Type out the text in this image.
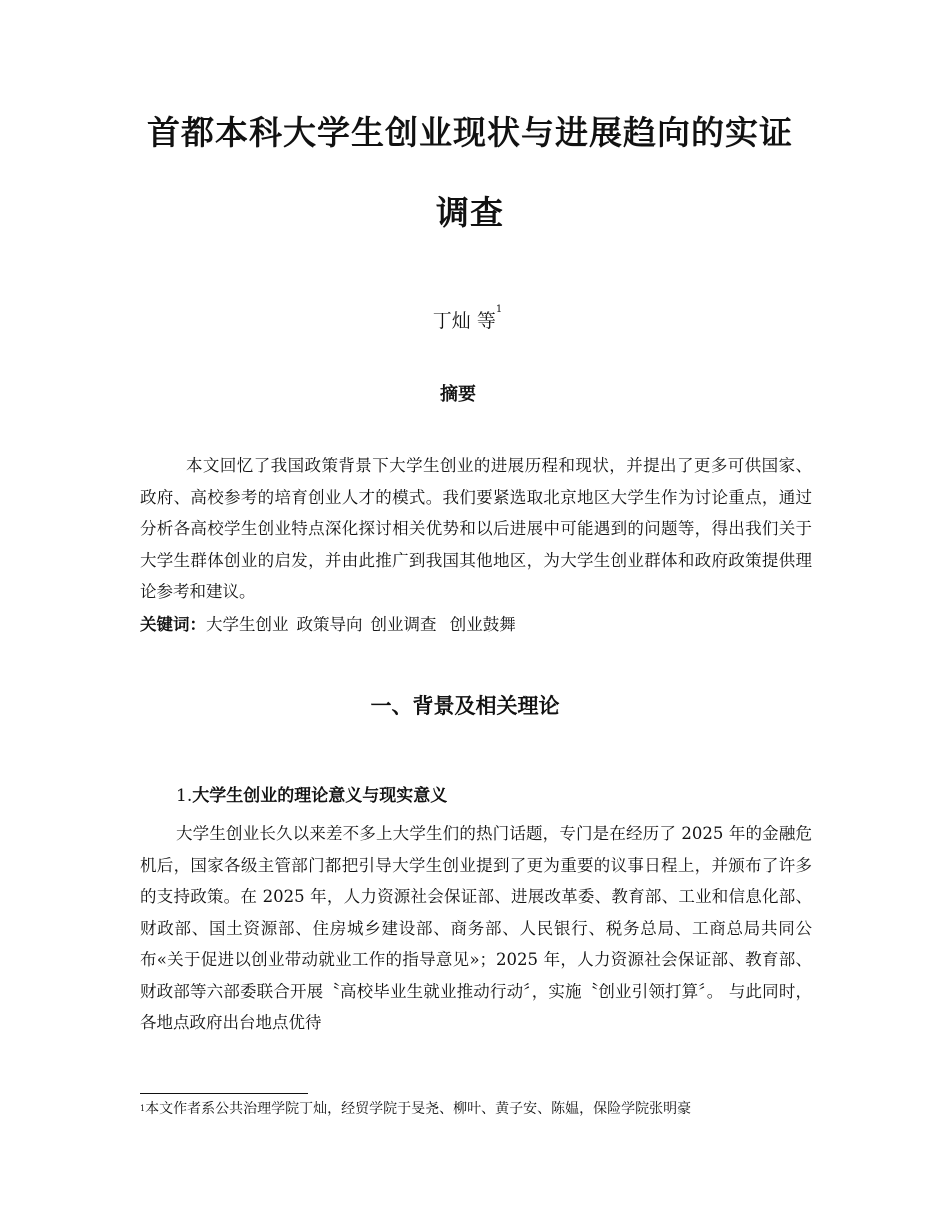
首都本科大学生创业现状与进展趋向的实证
调查
丁灿 等$^1$
摘要

本文回忆了我国政策背景下大学生创业的进展历程和现状，并提出了更多可供国家、政府、高校参考的培育创业人才的模式。我们要紧选取北京地区大学生作为讨论重点，通过分析各高校学生创业特点深化探讨相关优势和以后进展中可能遇到的问题等，得出我们关于大学生群体创业的启发，并由此推广到我国其他地区，为大学生创业群体和政府政策提供理论参考和建议。

关键词：大学生创业 政策导向 创业调查 创业鼓舞
一、背景及相关理论
1.大学生创业的理论意义与现实意义

大学生创业长久以来差不多上大学生们的热门话题，专门是在经历了 2025 年的金融危机后，国家各级主管部门都把引导大学生创业提到了更为重要的议事日程上，并颁布了许多的支持政策。在 2025 年，人力资源社会保证部、进展改革委、教育部、工业和信息化部、财政部、国土资源部、住房城乡建设部、商务部、人民银行、税务总局、工商总局共同公布«关于促进以创业带动就业工作的指导意见»；2025 年，人力资源社会保证部、教育部、财政部等六部委联合开展〝高校毕业生就业推动行动〞，实施〝创业引领打算〞。 与此同时，各地点政府出台地点优待

$^1$本文作者系公共治理学院丁灿，经贸学院于旻尧、柳叶、黄子安、陈媪，保险学院张明豪
